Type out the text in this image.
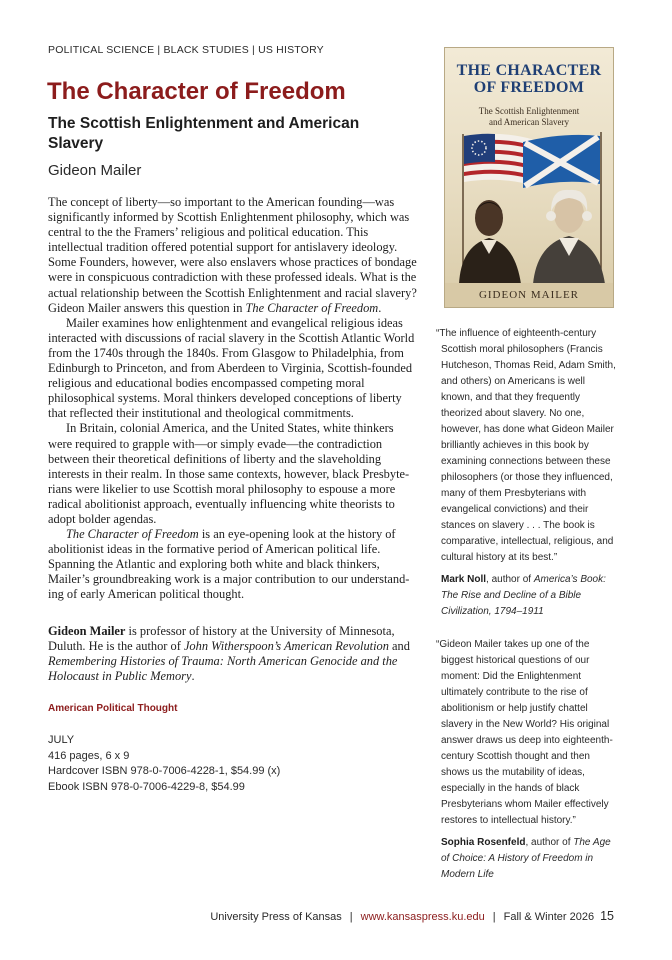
POLITICAL SCIENCE | BLACK STUDIES | US HISTORY
The Character of Freedom
The Scottish Enlightenment and American Slavery
Gideon Mailer

The concept of liberty—so important to the American founding—was significantly informed by Scottish Enlightenment philosophy, which was central to the the Framers’ religious and political education. This intellectual tradition offered potential support for antislavery ideology. Some Founders, however, were also enslavers whose practices of bondage were in conspicuous contradiction with these professed ideals. What is the actual relationship between the Scottish Enlightenment and racial slavery? Gideon Mailer answers this question in The Character of Freedom.

Mailer examines how enlightenment and evangelical religious ideas interacted with discussions of racial slavery in the Scottish Atlantic World from the 1740s through the 1840s. From Glasgow to Philadelphia, from Edinburgh to Princeton, and from Aberdeen to Virginia, Scottish-founded religious and educational bodies encompassed competing moral philosophical systems. Moral thinkers developed conceptions of liberty that reflected their institutional and theological commitments.

In Britain, colonial America, and the United States, white thinkers were required to grapple with—or simply evade—the contradiction between their theoretical definitions of liberty and the slaveholding interests in their realm. In those same contexts, however, black Presbyte-rians were likelier to use Scottish moral philosophy to espouse a more radical abolitionist approach, eventually influencing white theorists to adopt bolder agendas.

The Character of Freedom is an eye-opening look at the history of abolitionist ideas in the formative period of American political life. Spanning the Atlantic and exploring both white and black thinkers, Mailer’s groundbreaking work is a major contribution to our understand-ing of early American political thought.

Gideon Mailer is professor of history at the University of Minnesota, Duluth. He is the author of John Witherspoon’s American Revolution and Remembering Histories of Trauma: North American Genocide and the Holocaust in Public Memory.

American Political Thought
JULY
416 pages, 6 x 9
Hardcover ISBN 978-0-7006-4228-1, $54.99 (x)
Ebook ISBN 978-0-7006-4229-8, $54.99
THE CHARACTER
OF FREEDOM
The Scottish Enlightenment
and American Slavery
GIDEON MAILER

“The influence of eighteenth-century Scottish moral philosophers (Francis Hutcheson, Thomas Reid, Adam Smith, and others) on Americans is well known, and that they frequently theorized about slavery. No one, however, has done what Gideon Mailer brilliantly achieves in this book by examining connections between these philosophers (or those they influenced, many of them Presbyterians with evangelical convictions) and their stances on slavery . . . The book is comparative, intellectual, religious, and cultural history at its best.”

Mark Noll, author of America’s Book: The Rise and Decline of a Bible Civilization, 1794–1911

“Gideon Mailer takes up one of the biggest historical questions of our moment: Did the Enlightenment ultimately contribute to the rise of abolitionism or help justify chattel slavery in the New World? His original answer draws us deep into eighteenth-century Scottish thought and then shows us the mutability of ideas, especially in the hands of black Presbyterians whom Mailer effectively restores to intellectual history.”

Sophia Rosenfeld, author of The Age of Choice: A History of Freedom in Modern Life

University Press of Kansas | www.kansaspress.ku.edu | Fall & Winter 2026 15
